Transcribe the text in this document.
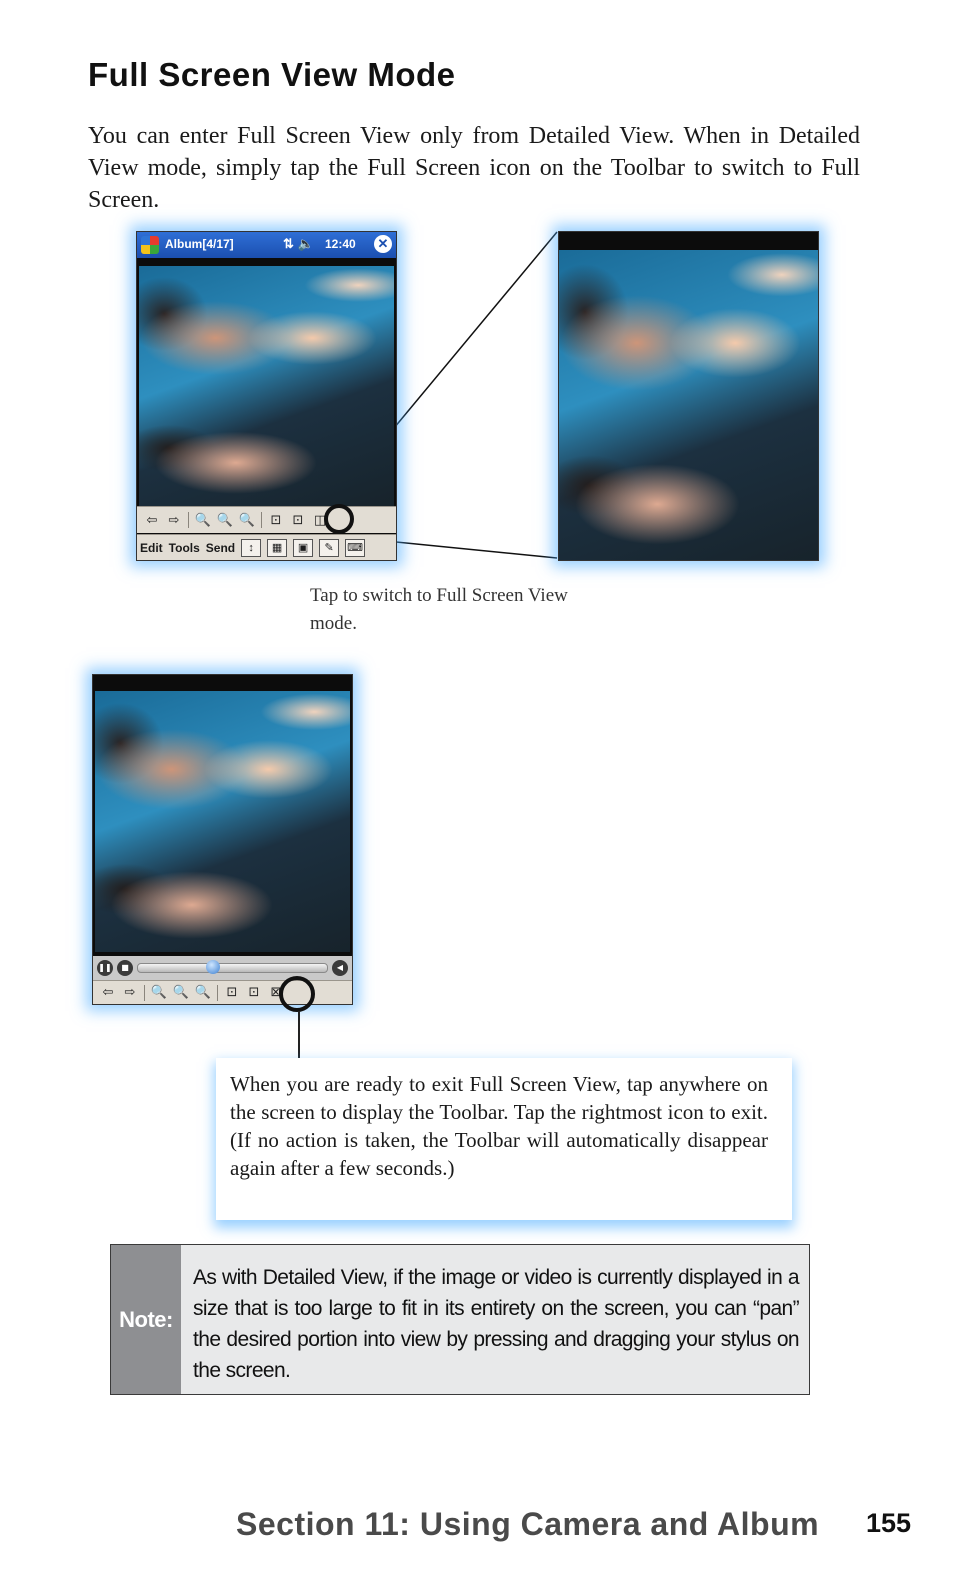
Full Screen View Mode

You can enter Full Screen View only from Detailed View. When in Detailed View mode, simply tap the Full Screen icon on the Toolbar to switch to Full Screen.

Album[4/17]	⇅ 🔈 12:40 ✕
⇦ ⇨	🔍 🔍 🔍	⊡ ⊡ ◫
Edit Tools Send	↕	▦	▣	✎	⌨

Tap to switch to Full Screen View mode.

❚❚	■	◀
⇦ ⇨	🔍 🔍 🔍	⊡ ⊡ ⊠
When you are ready to exit Full Screen View, tap anywhere on the screen to display the Toolbar. Tap the rightmost icon to exit. (If no action is taken, the Toolbar will automatically disappear again after a few seconds.)
Note:
As with Detailed View, if the image or video is currently displayed in a size that is too large to fit in its entirety on the screen, you can “pan” the desired portion into view by pressing and dragging your stylus on the screen.

Section 11: Using Camera and Album 155
